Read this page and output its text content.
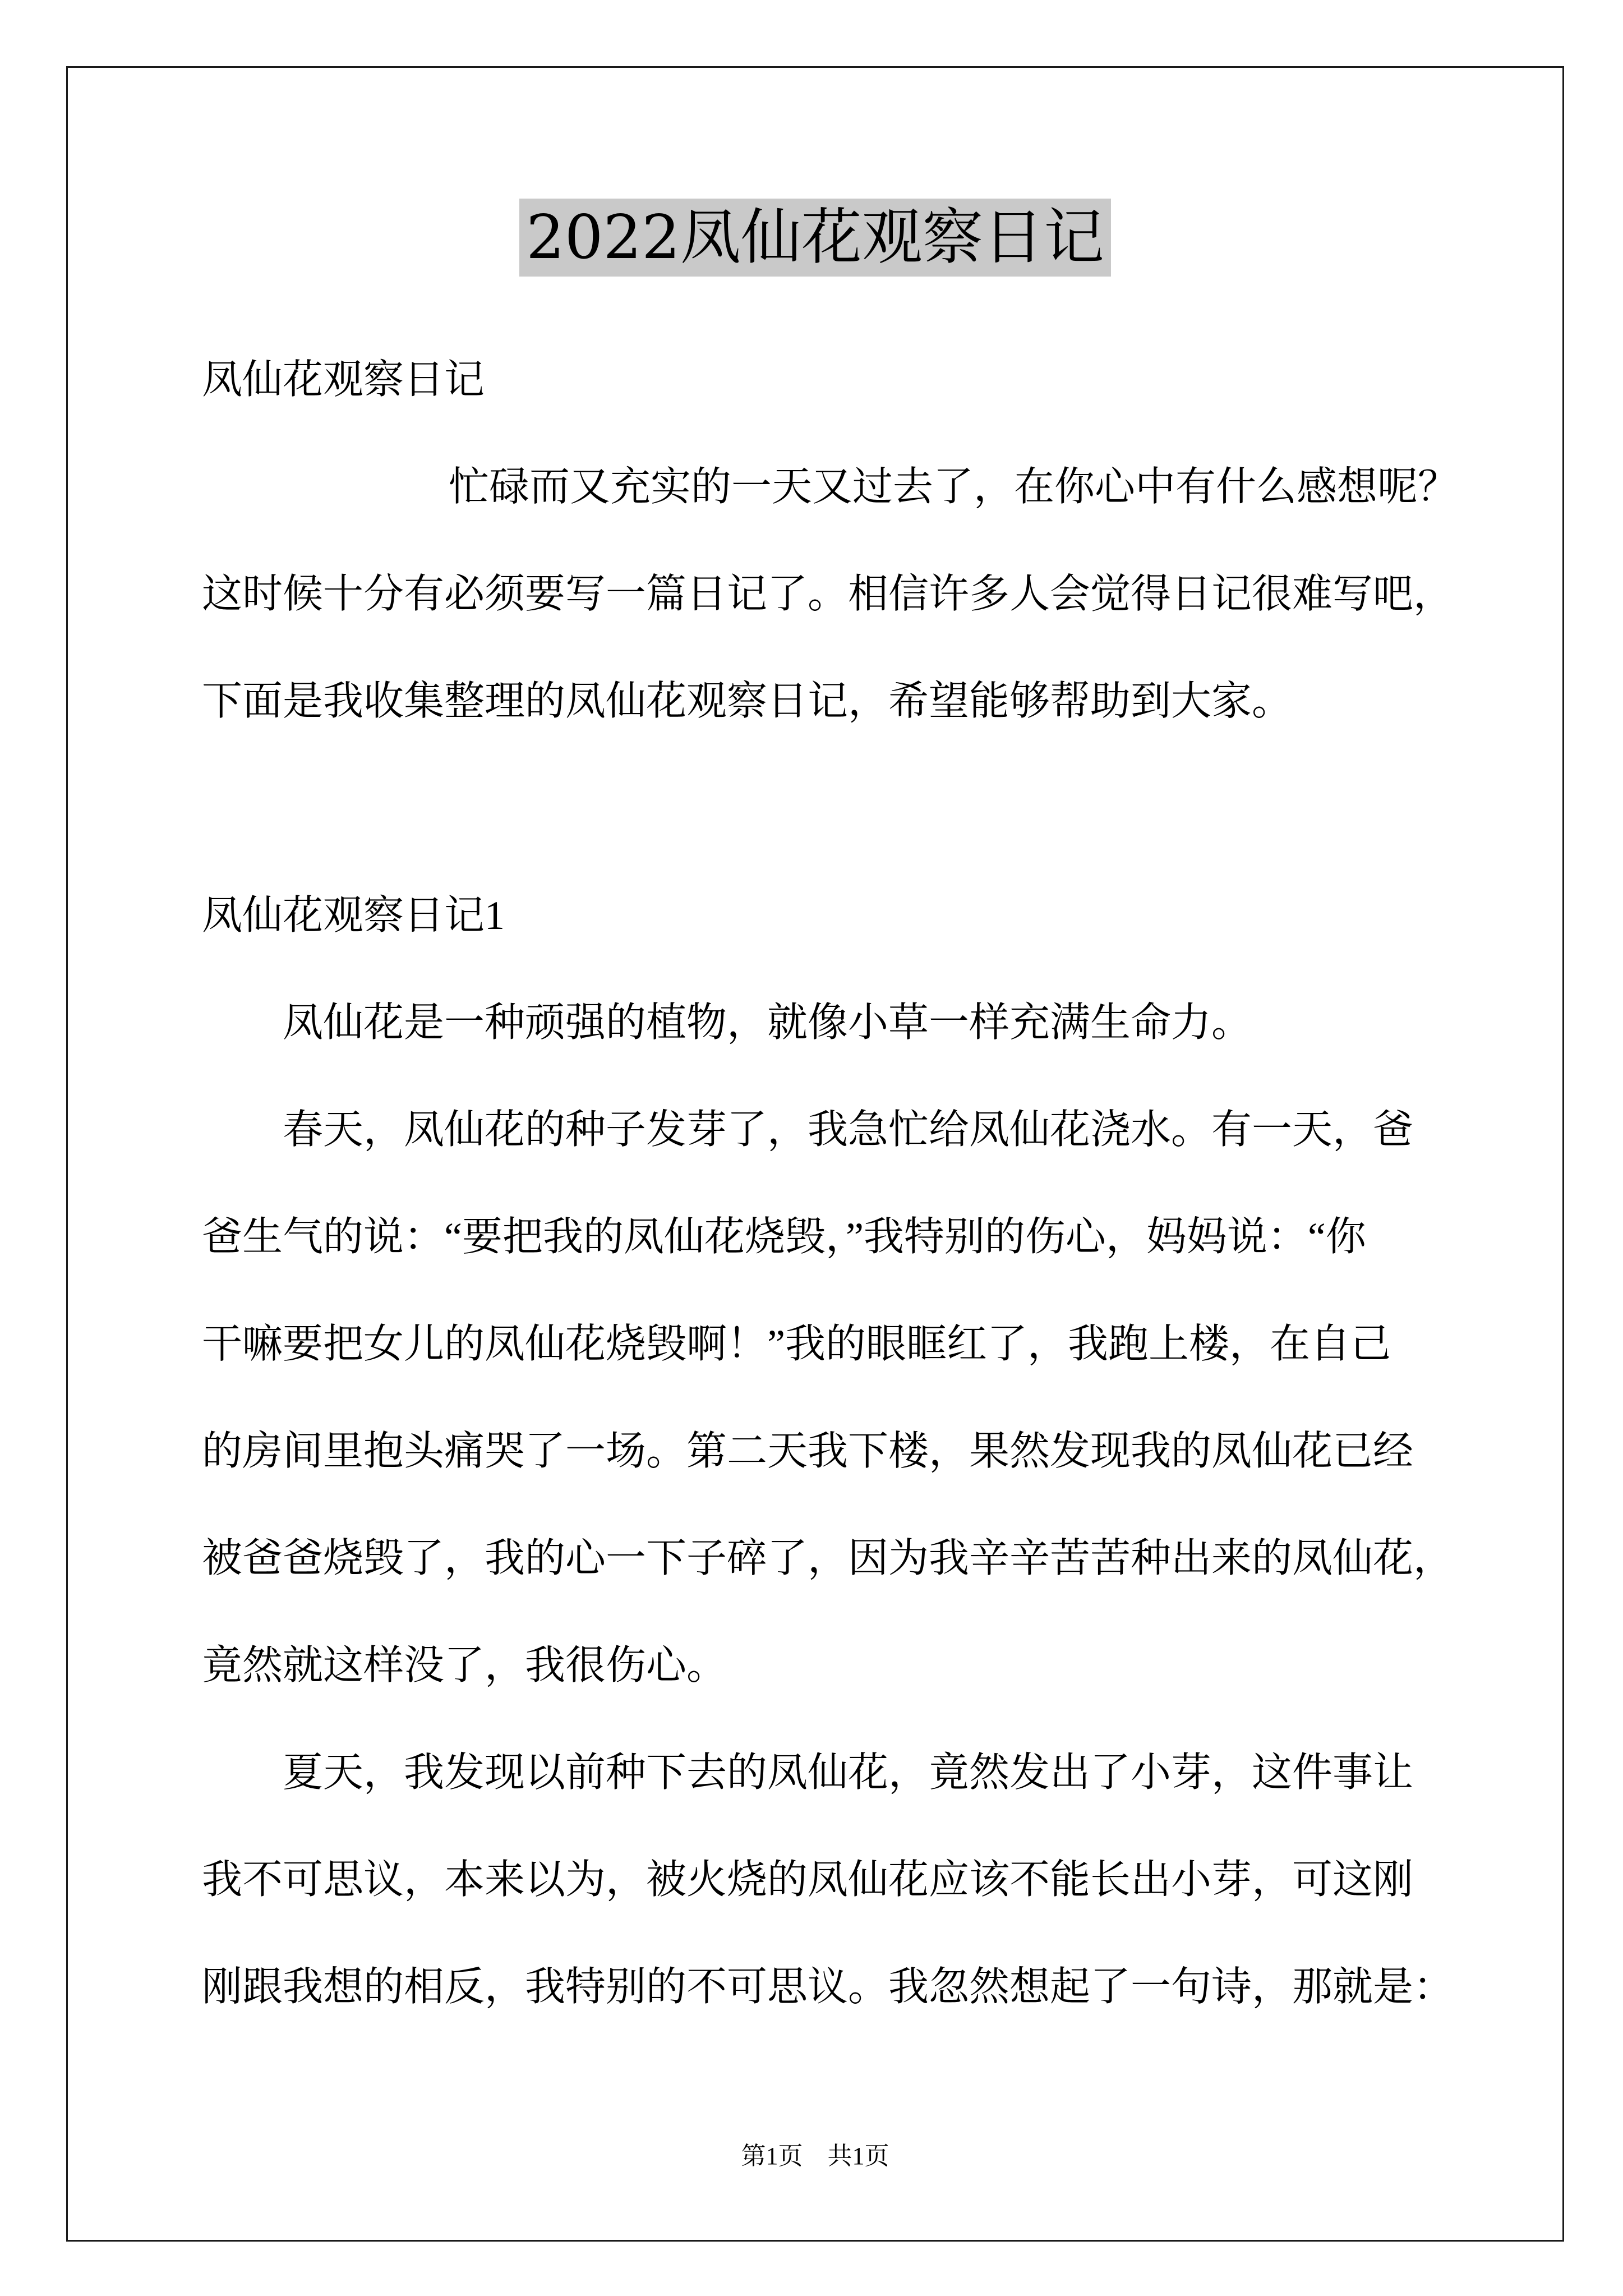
2022凤仙花观察日记
凤仙花观察日记
忙碌而又充实的一天又过去了，在你心中有什么感想呢？
这时候十分有必须要写一篇日记了。相信许多人会觉得日记很难写吧，
下面是我收集整理的凤仙花观察日记，希望能够帮助到大家。
凤仙花观察日记1
凤仙花是一种顽强的植物，就像小草一样充满生命力。
春天，凤仙花的种子发芽了，我急忙给凤仙花浇水。有一天，爸
爸生气的说：“要把我的凤仙花烧毁，”我特别的伤心，妈妈说：“你
干嘛要把女儿的凤仙花烧毁啊！”我的眼眶红了，我跑上楼，在自己
的房间里抱头痛哭了一场。第二天我下楼，果然发现我的凤仙花已经
被爸爸烧毁了，我的心一下子碎了，因为我辛辛苦苦种出来的凤仙花，
竟然就这样没了，我很伤心。
夏天，我发现以前种下去的凤仙花，竟然发出了小芽，这件事让
我不可思议，本来以为，被火烧的凤仙花应该不能长出小芽，可这刚
刚跟我想的相反，我特别的不可思议。我忽然想起了一句诗，那就是：
第1页　共1页
